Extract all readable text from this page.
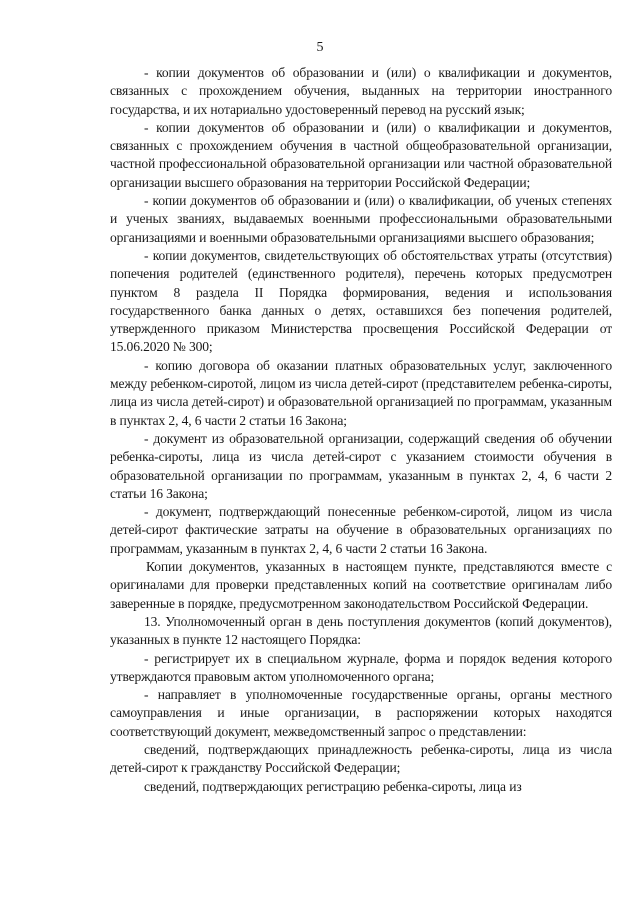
5

- копии документов об образовании и (или) о квалификации и документов, связанных с прохождением обучения, выданных на территории иностранного государства, и их нотариально удостоверенный перевод на русский язык;

- копии документов об образовании и (или) о квалификации и документов, связанных с прохождением обучения в частной общеобразовательной организации, частной профессиональной образовательной организации или частной образовательной организации высшего образования на территории Российской Федерации;

- копии документов об образовании и (или) о квалификации, об ученых степенях и ученых званиях, выдаваемых военными профессиональными образовательными организациями и военными образовательными организациями высшего образования;

- копии документов, свидетельствующих об обстоятельствах утраты (отсутствия) попечения родителей (единственного родителя), перечень которых предусмотрен пунктом 8 раздела II Порядка формирования, ведения и использования государственного банка данных о детях, оставшихся без попечения родителей, утвержденного приказом Министерства просвещения Российской Федерации от 15.06.2020 № 300;

- копию договора об оказании платных образовательных услуг, заключенного между ребенком-сиротой, лицом из числа детей-сирот (представителем ребенка-сироты, лица из числа детей-сирот) и образовательной организацией по программам, указанным в пунктах 2, 4, 6 части 2 статьи 16 Закона;

- документ из образовательной организации, содержащий сведения об обучении ребенка-сироты, лица из числа детей-сирот с указанием стоимости обучения в образовательной организации по программам, указанным в пунктах 2, 4, 6 части 2 статьи 16 Закона;

- документ, подтверждающий понесенные ребенком-сиротой, лицом из числа детей-сирот фактические затраты на обучение в образовательных организациях по программам, указанным в пунктах 2, 4, 6 части 2 статьи 16 Закона.

Копии документов, указанных в настоящем пункте, представляются вместе с оригиналами для проверки представленных копий на соответствие оригиналам либо заверенные в порядке, предусмотренном законодательством Российской Федерации.

13. Уполномоченный орган в день поступления документов (копий документов), указанных в пункте 12 настоящего Порядка:

- регистрирует их в специальном журнале, форма и порядок ведения которого утверждаются правовым актом уполномоченного органа;

- направляет в уполномоченные государственные органы, органы местного самоуправления и иные организации, в распоряжении которых находятся соответствующий документ, межведомственный запрос о представлении:

сведений, подтверждающих принадлежность ребенка-сироты, лица из числа детей-сирот к гражданству Российской Федерации;

сведений, подтверждающих регистрацию ребенка-сироты, лица из
